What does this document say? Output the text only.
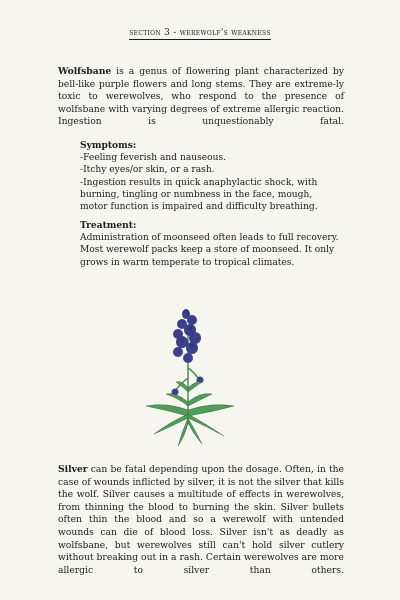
section 3 - werewolf's weakness
Wolfsbane is a genus of flowering plant characterized by bell-like purple flowers and long stems. They are extreme-ly toxic to werewolves, who respond to the presence of wolfsbane with varying degrees of extreme allergic reaction. Ingestion is unquestionably fatal.
Symptoms:
-Feeling feverish and nauseous.
-Itchy eyes/or skin, or a rash.
-Ingestion results in quick anaphylactic shock, with burning, tingling or numbness in the face, mough, motor function is impaired and difficulty breathing.
Treatment:
Administration of moonseed often leads to full recovery. Most werewolf packs keep a store of moonseed. It only grows in warm temperate to tropical climates.
Silver can be fatal depending upon the dosage. Often, in the case of wounds inflicted by silver, it is not the silver that kills the wolf. Silver causes a multitude of effects in werewolves, from thinning the blood to burning the skin. Silver bullets often thin the blood and so a werewolf with untended wounds can die of blood loss. Silver isn't as deadly as wolfsbane, but werewolves still can't hold silver cutlery without breaking out in a rash. Certain werewolves are more allergic to silver than others.
